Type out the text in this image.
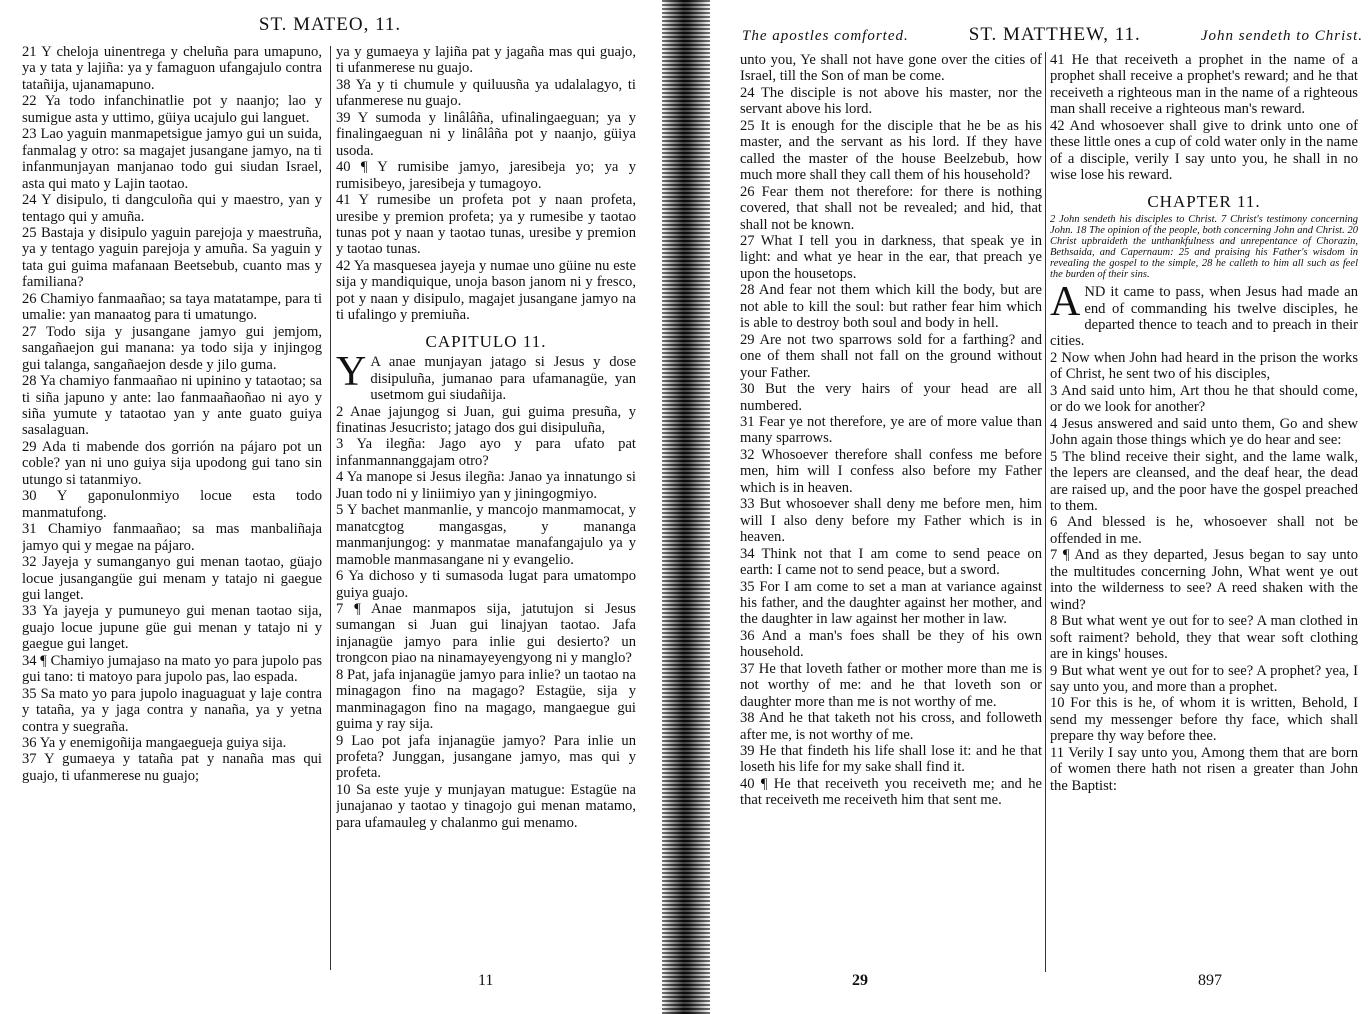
ST. MATEO, 11.

21 Y cheloja uinentrega y cheluña para umapuno, ya y tata y lajiña: ya y famaguon ufangajulo contra tatañija, ujanamapuno.

22 Ya todo infanchinatlie pot y naanjo; lao y sumigue asta y uttimo, güiya ucajulo gui languet.

23 Lao yaguin manmapetsigue jamyo gui un suida, fanmalag y otro: sa magajet jusangane jamyo, na ti infanmunjayan manjanao todo gui siudan Israel, asta qui mato y Lajin taotao.

24 Y disipulo, ti dangculoña qui y maestro, yan y tentago qui y amuña.

25 Bastaja y disipulo yaguin parejoja y maestruña, ya y tentago yaguin parejoja y amuña. Sa yaguin y tata gui guima mafanaan Beetsebub, cuanto mas y familiana?

26 Chamiyo fanmaañao; sa taya matatampe, para ti umalie: yan manaatog para ti umatungo.

27 Todo sija y jusangane jamyo gui jemjom, sangañaejon gui manana: ya todo sija y injingog gui talanga, sangañaejon desde y jilo guma.

28 Ya chamiyo fanmaañao ni upinino y tataotao; sa ti siña japuno y ante: lao fanmaañaoñao ni ayo y siña yumute y tataotao yan y ante guato guiya sasalaguan.

29 Ada ti mabende dos gorrión na pájaro pot un coble? yan ni uno guiya sija upodong gui tano sin utungo si tatanmiyo.

30 Y gaponulonmiyo locue esta todo manmatufong.

31 Chamiyo fanmaañao; sa mas manbaliñaja jamyo qui y megae na pájaro.

32 Jayeja y sumanganyo gui menan taotao, güajo locue jusangangüe gui menam y tatajo ni gaegue gui langet.

33 Ya jayeja y pumuneyo gui menan taotao sija, guajo locue jupune güe gui menan y tatajo ni y gaegue gui langet.

34 ¶ Chamiyo jumajaso na mato yo para jupolo pas gui tano: ti matoyo para jupolo pas, lao espada.

35 Sa mato yo para jupolo inaguaguat y laje contra y tataña, ya y jaga contra y nanaña, ya y yetna contra y suegraña.

36 Ya y enemigoñija mangaegueja guiya sija.

37 Y gumaeya y tataña pat y nanaña mas qui guajo, ti ufanmerese nu guajo;

ya y gumaeya y lajiña pat y jagaña mas qui guajo, ti ufanmerese nu guajo.

38 Ya y ti chumule y quiluusña ya udalalagyo, ti ufanmerese nu guajo.

39 Y sumoda y linâlâña, ufinalingaeguan; ya y finalingaeguan ni y linâlâña pot y naanjo, güiya usoda.

40 ¶ Y rumisibe jamyo, jaresibeja yo; ya y rumisibeyo, jaresibeja y tumagoyo.

41 Y rumesibe un profeta pot y naan profeta, uresibe y premion profeta; ya y rumesibe y taotao tunas pot y naan y taotao tunas, uresibe y premion y taotao tunas.

42 Ya masquesea jayeja y numae uno güine nu este sija y mandiquique, unoja bason janom ni y fresco, pot y naan y disipulo, magajet jusangane jamyo na ti ufalingo y premiuña.

CAPITULO 11.

Y A anae munjayan jatago si Jesus y dose disipuluña, jumanao para ufamanagüe, yan usetmom gui siudañija.

2 Anae jajungog si Juan, gui guima presuña, y finatinas Jesucristo; jatago dos gui disipuluña,

3 Ya ilegña: Jago ayo y para ufato pat infanmannanggajam otro?

4 Ya manope si Jesus ilegña: Janao ya innatungo si Juan todo ni y liniimiyo yan y jiningogmiyo.

5 Y bachet manmanlie, y mancojo manmamocat, y manatcgtog mangasgas, y mananga manmanjungog: y manmatae manafangajulo ya y mamoble manmasangane ni y evangelio.

6 Ya dichoso y ti sumasoda lugat para umatompo guiya guajo.

7 ¶ Anae manmapos sija, jatutujon si Jesus sumangan si Juan gui linajyan taotao. Jafa injanagüe jamyo para inlie gui desierto? un trongcon piao na ninamayeyengyong ni y manglo?

8 Pat, jafa injanagüe jamyo para inlie? un taotao na minagagon fino na magago? Estagüe, sija y manminagagon fino na magago, mangaegue gui guima y ray sija.

9 Lao pot jafa injanagüe jamyo? Para inlie un profeta? Junggan, jusangane jamyo, mas qui y profeta.

10 Sa este yuje y munjayan matugue: Estagüe na junajanao y taotao y tinagojo gui menan matamo, para ufamauleg y chalanmo gui menamo.

11
The apostles comforted.	ST. MATTHEW, 11.	John sendeth to Christ.

unto you, Ye shall not have gone over the cities of Israel, till the Son of man be come.

24 The disciple is not above his master, nor the servant above his lord.

25 It is enough for the disciple that he be as his master, and the servant as his lord. If they have called the master of the house Beelzebub, how much more shall they call them of his household?

26 Fear them not therefore: for there is nothing covered, that shall not be revealed; and hid, that shall not be known.

27 What I tell you in darkness, that speak ye in light: and what ye hear in the ear, that preach ye upon the housetops.

28 And fear not them which kill the body, but are not able to kill the soul: but rather fear him which is able to destroy both soul and body in hell.

29 Are not two sparrows sold for a farthing? and one of them shall not fall on the ground without your Father.

30 But the very hairs of your head are all numbered.

31 Fear ye not therefore, ye are of more value than many sparrows.

32 Whosoever therefore shall confess me before men, him will I confess also before my Father which is in heaven.

33 But whosoever shall deny me before men, him will I also deny before my Father which is in heaven.

34 Think not that I am come to send peace on earth: I came not to send peace, but a sword.

35 For I am come to set a man at variance against his father, and the daughter against her mother, and the daughter in law against her mother in law.

36 And a man's foes shall be they of his own household.

37 He that loveth father or mother more than me is not worthy of me: and he that loveth son or daughter more than me is not worthy of me.

38 And he that taketh not his cross, and followeth after me, is not worthy of me.

39 He that findeth his life shall lose it: and he that loseth his life for my sake shall find it.

40 ¶ He that receiveth you receiveth me; and he that receiveth me receiveth him that sent me.

41 He that receiveth a prophet in the name of a prophet shall receive a prophet's reward; and he that receiveth a righteous man in the name of a righteous man shall receive a righteous man's reward.

42 And whosoever shall give to drink unto one of these little ones a cup of cold water only in the name of a disciple, verily I say unto you, he shall in no wise lose his reward.

CHAPTER 11.

2 John sendeth his disciples to Christ. 7 Christ's testimony concerning John. 18 The opinion of the people, both concerning John and Christ. 20 Christ upbraideth the unthankfulness and unrepentance of Chorazin, Bethsaida, and Capernaum: 25 and praising his Father's wisdom in revealing the gospel to the simple, 28 he calleth to him all such as feel the burden of their sins.

AND it came to pass, when Jesus had made an end of commanding his twelve disciples, he departed thence to teach and to preach in their cities.

2 Now when John had heard in the prison the works of Christ, he sent two of his disciples,

3 And said unto him, Art thou he that should come, or do we look for another?

4 Jesus answered and said unto them, Go and shew John again those things which ye do hear and see:

5 The blind receive their sight, and the lame walk, the lepers are cleansed, and the deaf hear, the dead are raised up, and the poor have the gospel preached to them.

6 And blessed is he, whosoever shall not be offended in me.

7 ¶ And as they departed, Jesus began to say unto the multitudes concerning John, What went ye out into the wilderness to see? A reed shaken with the wind?

8 But what went ye out for to see? A man clothed in soft raiment? behold, they that wear soft clothing are in kings' houses.

9 But what went ye out for to see? A prophet? yea, I say unto you, and more than a prophet.

10 For this is he, of whom it is written, Behold, I send my messenger before thy face, which shall prepare thy way before thee.

11 Verily I say unto you, Among them that are born of women there hath not risen a greater than John the Baptist:

29	897
